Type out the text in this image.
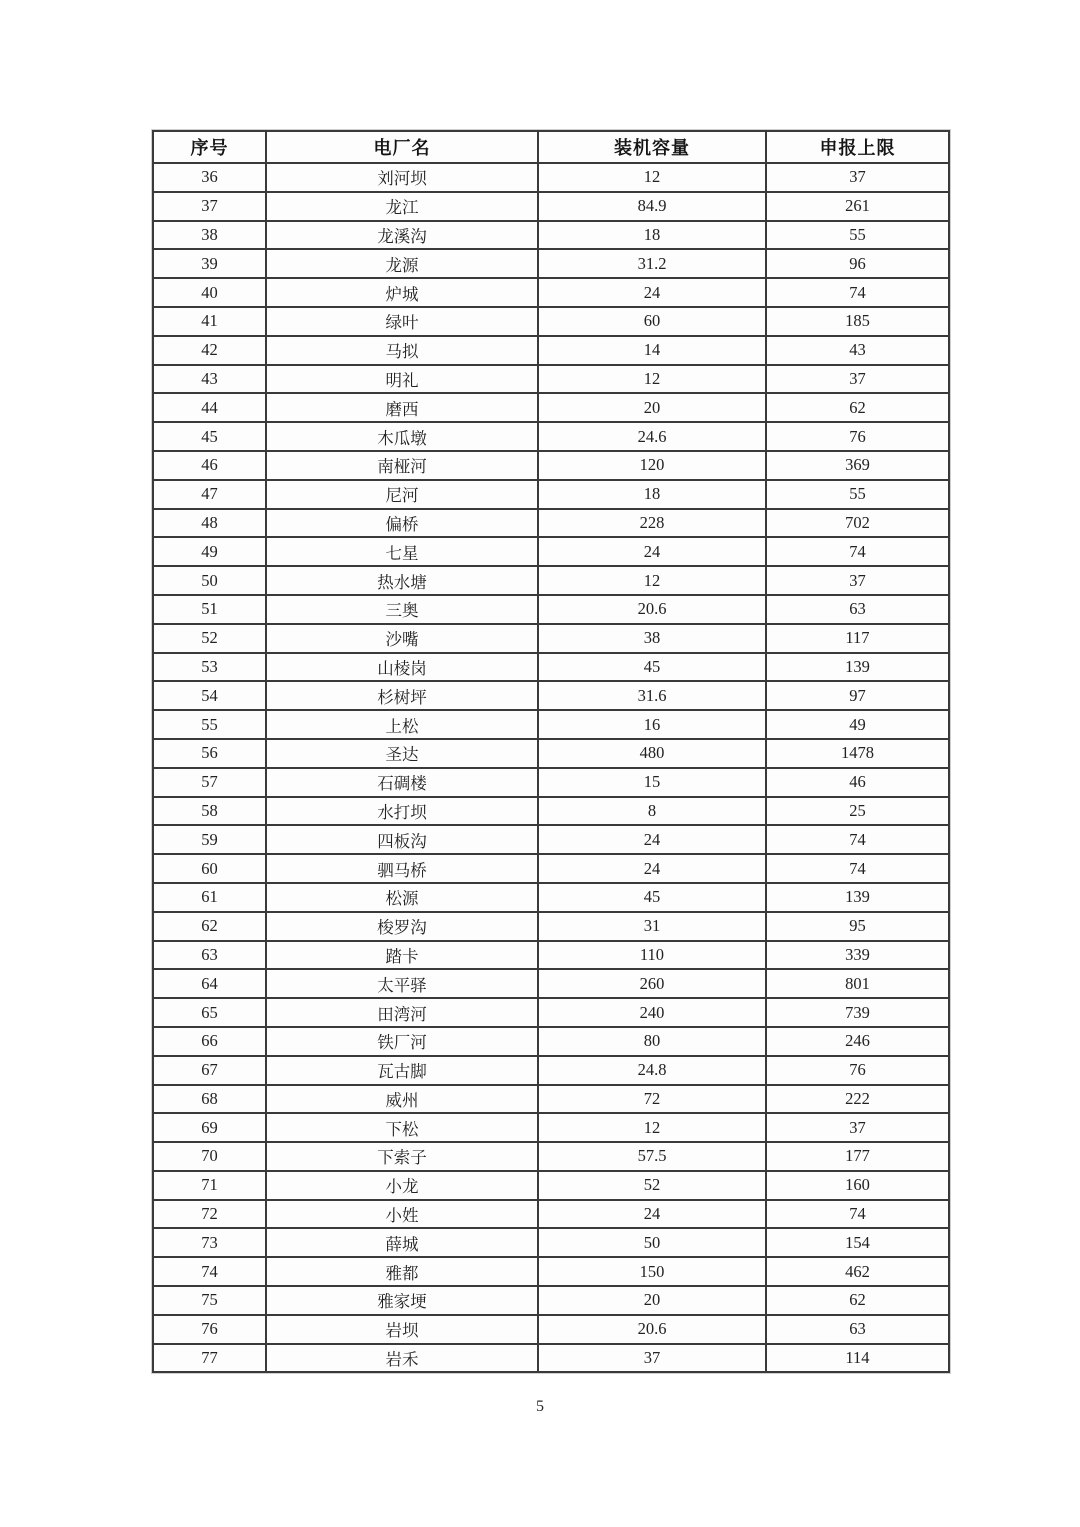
序号	电厂名	装机容量	申报上限
36	刘河坝	12	37
37	龙江	84.9	261
38	龙溪沟	18	55
39	龙源	31.2	96
40	炉城	24	74
41	绿叶	60	185
42	马拟	14	43
43	明礼	12	37
44	磨西	20	62
45	木瓜墩	24.6	76
46	南桠河	120	369
47	尼河	18	55
48	偏桥	228	702
49	七星	24	74
50	热水塘	12	37
51	三奥	20.6	63
52	沙嘴	38	117
53	山棱岗	45	139
54	杉树坪	31.6	97
55	上松	16	49
56	圣达	480	1478
57	石碉楼	15	46
58	水打坝	8	25
59	四板沟	24	74
60	驷马桥	24	74
61	松源	45	139
62	梭罗沟	31	95
63	踏卡	110	339
64	太平驿	260	801
65	田湾河	240	739
66	铁厂河	80	246
67	瓦古脚	24.8	76
68	威州	72	222
69	下松	12	37
70	下索子	57.5	177
71	小龙	52	160
72	小姓	24	74
73	薛城	50	154
74	雅都	150	462
75	雅家埂	20	62
76	岩坝	20.6	63
77	岩禾	37	114
5
